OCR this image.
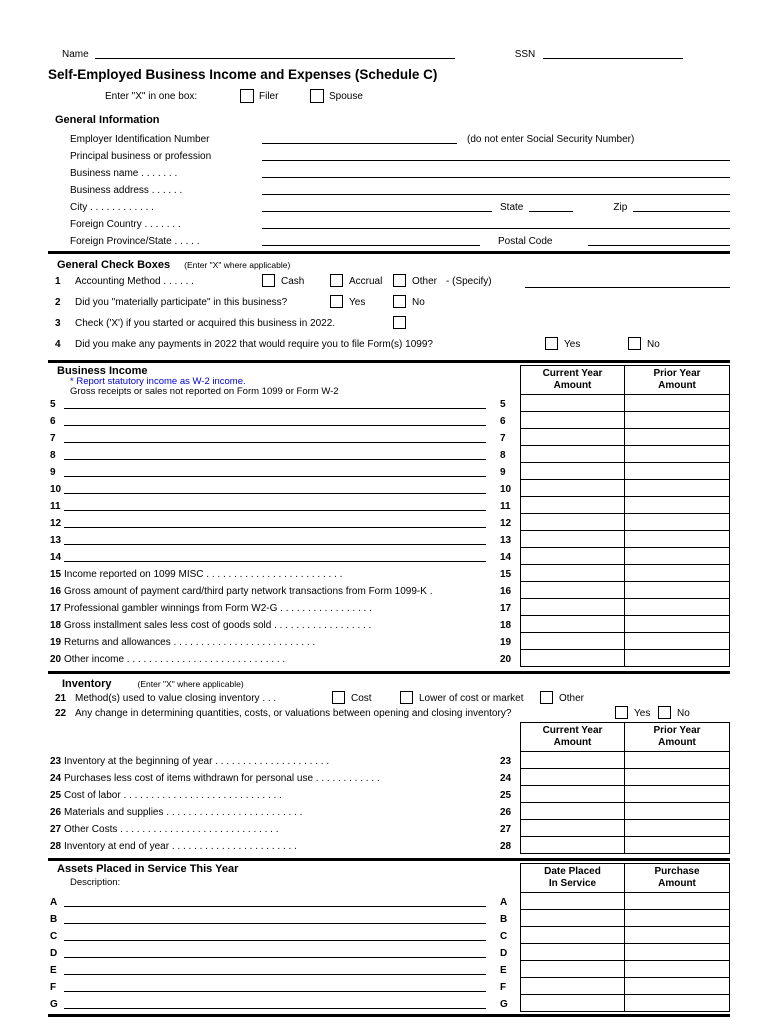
Name	SSN
Self-Employed Business Income and Expenses (Schedule C)
Enter "X" in one box:	Filer	Spouse
General Information
Employer Identification Number	(do not enter Social Security Number)
Principal business or profession
Business name . . . . . . .
Business address . . . . . .
City . . . . . . . . . . . .	State	Zip
Foreign Country . . . . . . .
Foreign Province/State . . . . .	Postal Code
General Check Boxes (Enter "X" where applicable)
1 Accounting Method . . . . . .	Cash	Accrual	Other - (Specify)
2 Did you "materially participate" in this business?	Yes	No
3 Check ('X') if you started or acquired this business in 2022.
4 Did you make any payments in 2022 that would require you to file Form(s) 1099?	Yes	No
Business Income
* Report statutory income as W-2 income.
Gross receipts or sales not reported on Form 1099 or Form W-2
Current Year
Amount
Prior Year
Amount
5	5
6	6
7	7
8	8
9	9
10	10
11	11
12	12
13	13
14	14
15 Income reported on 1099 MISC . . . . . . . . . . . . . . . . . . . . . . . . .	15
16 Gross amount of payment card/third party network transactions from Form 1099-K .	16
17 Professional gambler winnings from Form W2-G . . . . . . . . . . . . . . . . .	17
18 Gross installment sales less cost of goods sold . . . . . . . . . . . . . . . . . .	18
19 Returns and allowances . . . . . . . . . . . . . . . . . . . . . . . . . .	19
20 Other income . . . . . . . . . . . . . . . . . . . . . . . . . . . . .	20
Inventory	(Enter "X" where applicable)
21 Method(s) used to value closing inventory . . .	Cost	Lower of cost or market	Other
22 Any change in determining quantities, costs, or valuations between opening and closing inventory?	Yes	No
Current Year
Amount
Prior Year
Amount
23 Inventory at the beginning of year . . . . . . . . . . . . . . . . . . . . .	23
24 Purchases less cost of items withdrawn for personal use . . . . . . . . . . . .	24
25 Cost of labor . . . . . . . . . . . . . . . . . . . . . . . . . . . . .	25
26 Materials and supplies . . . . . . . . . . . . . . . . . . . . . . . . .	26
27 Other Costs . . . . . . . . . . . . . . . . . . . . . . . . . . . . .	27
28 Inventory at end of year . . . . . . . . . . . . . . . . . . . . . . .	28
Assets Placed in Service This Year
Description:
Date Placed
In Service
Purchase
Amount
A	A
B	B
C	C
D	D
E	E
F	F
G	G
